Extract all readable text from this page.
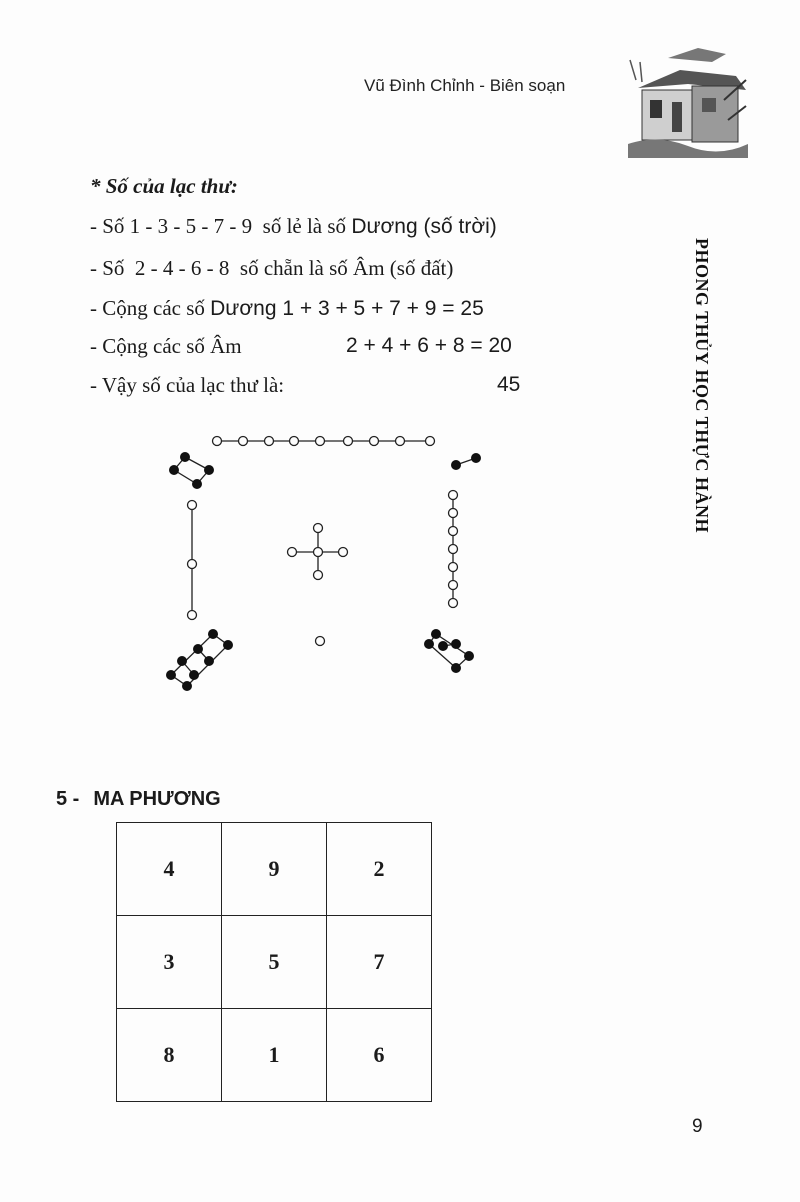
Vũ Đình Chỉnh - Biên soạn
PHONG THỦY HỌC THỰC HÀNH
* Số của lạc thư:
- Số 1 - 3 - 5 - 7 - 9  số lẻ là số Dương (số trời)
- Số  2 - 4 - 6 - 8  số chẵn là số Âm (số đất)
- Cộng các số Dương 1 + 3 + 5 + 7 + 9 = 25
- Cộng các số Âm	2 + 4 + 6 + 8 = 20
- Vậy số của lạc thư là:	45
5 - MA PHƯƠNG
4	9	2
3	5	7
8	1	6
9
